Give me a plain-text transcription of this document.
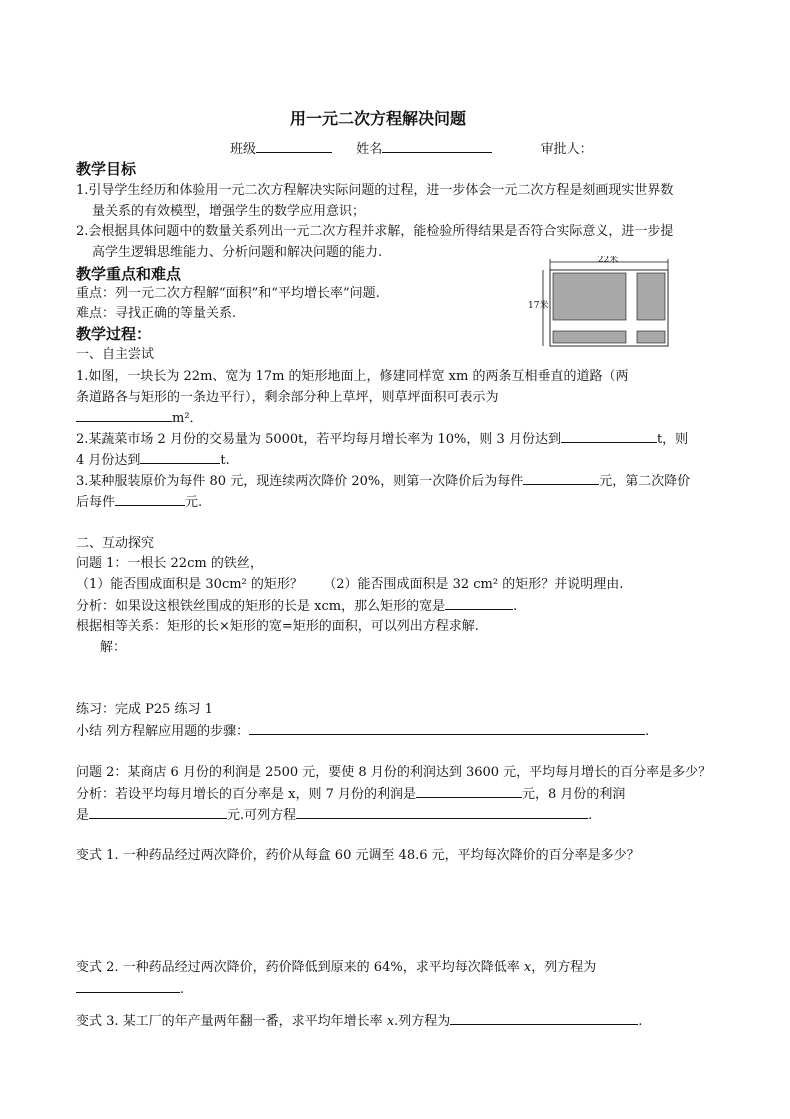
用一元二次方程解决问题
班级	姓名	审批人：
教学目标
1.引导学生经历和体验用一元二次方程解决实际问题的过程，进一步体会一元二次方程是刻画现实世界数
量关系的有效模型，增强学生的数学应用意识；
2.会根据具体问题中的数量关系列出一元二次方程并求解，能检验所得结果是否符合实际意义，进一步提
高学生逻辑思维能力、分析问题和解决问题的能力.
教学重点和难点
重点：列一元二次方程解“面积”和“平均增长率”问题.
难点：寻找正确的等量关系.
22米
17米
教学过程：
一、自主尝试
1.如图，一块长为 22m、宽为 17m 的矩形地面上，修建同样宽 xm 的两条互相垂直的道路（两
条道路各与矩形的一条边平行），剩余部分种上草坪，则草坪面积可表示为
m²．
2.某蔬菜市场 2 月份的交易量为 5000t，若平均每月增长率为 10%，则 3 月份达到	t，则
4 月份达到	t.
3.某种服装原价为每件 80 元，现连续两次降价 20%，则第一次降价后为每件	元，第二次降价
后每件	元.
二、互动探究
问题 1：一根长 22cm 的铁丝，
（1）能否围成面积是 30cm² 的矩形？ （2）能否围成面积是 32 cm² 的矩形？并说明理由.
分析：如果设这根铁丝围成的矩形的长是 xcm，那么矩形的宽是	.
根据相等关系：矩形的长×矩形的宽=矩形的面积，可以列出方程求解.
解：
练习：完成 P25 练习 1
小结 列方程解应用题的步骤：	.
问题 2：某商店 6 月份的利润是 2500 元，要使 8 月份的利润达到 3600 元，平均每月增长的百分率是多少？
分析：若设平均每月增长的百分率是 x，则 7 月份的利润是	元，8 月份的利润
是	元.可列方程	.
变式 1. 一种药品经过两次降价，药价从每盒 60 元调至 48.6 元，平均每次降价的百分率是多少？
变式 2. 一种药品经过两次降价，药价降低到原来的 64%，求平均每次降低率 x，列方程为
.
变式 3. 某工厂的年产量两年翻一番，求平均年增长率 x.列方程为	.
